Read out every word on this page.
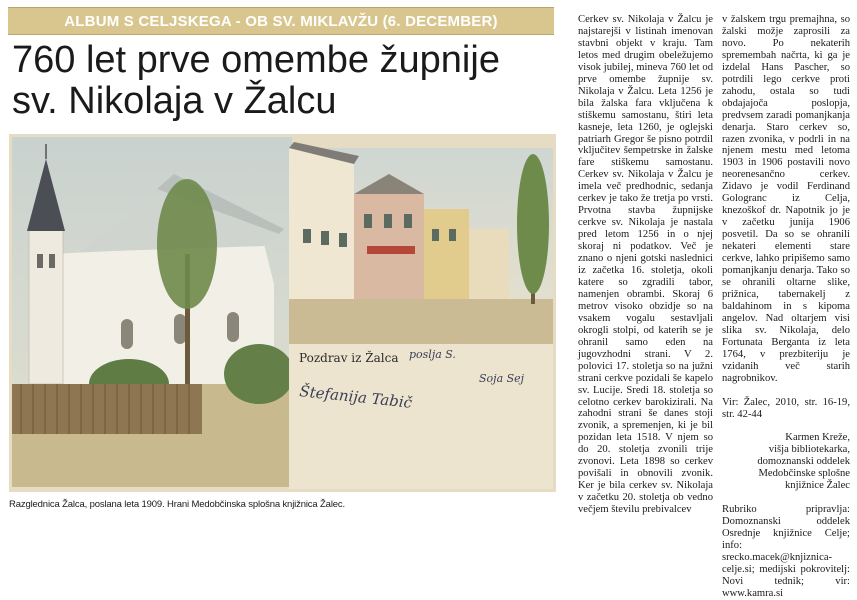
ALBUM S CELJSKEGA - OB SV. MIKLAVŽU (6. DECEMBER)
760 let prve omembe župnije
sv. Nikolaja v Žalcu
Pozdrav iz Žalca poslja S.
Soja Sej
Štefanija Tabič
Razglednica Žalca, poslana leta 1909. Hrani Medobčinska splošna knjižnica Žalec.

Cerkev sv. Nikolaja v Žalcu je najstarejši v listinah imenovan stavbni objekt v kraju. Tam letos med drugim obeležujemo visok jubilej, mineva 760 let od prve omembe župnije sv. Nikolaja v Žalcu. Leta 1256 je bila žalska fara vključena k stiškemu samostanu, štiri leta kasneje, leta 1260, je oglejski patriarh Gregor še pisno potrdil vključitev šempetrske in žalske fare stiškemu samostanu. Cerkev sv. Nikolaja v Žalcu je imela več predhodnic, sedanja cerkev je tako že tretja po vrsti. Prvotna stavba župnijske cerkve sv. Nikolaja je nastala pred letom 1256 in o njej skoraj ni podatkov. Več je znano o njeni gotski naslednici iz začetka 16. stoletja, okoli katere so zgradili tabor, namenjen obrambi. Skoraj 6 metrov visoko obzidje so na vsakem vogalu sestavljali okrogli stolpi, od katerih se je ohranil samo eden na jugovzhodni strani. V 2. polovici 17. stoletja so na južni strani cerkve pozidali še kapelo sv. Lucije. Sredi 18. stoletja so celotno cerkev barokizirali. Na zahodni strani še danes stoji zvonik, a spremenjen, ki je bil pozidan leta 1518. V njem so do 20. stoletja zvonili trije zvonovi. Leta 1898 so cerkev povišali in obnovili zvonik. Ker je bila cerkev sv. Nikolaja v začetku 20. stoletja ob vedno večjem številu prebivalcev

v žalskem trgu premajhna, so žalski možje zaprosili za novo. Po nekaterih spremembah načrta, ki ga je izdelal Hans Pascher, so potrdili lego cerkve proti zahodu, ostala so tudi obdajajoča poslopja, predvsem zaradi pomanjkanja denarja. Staro cerkev so, razen zvonika, v podrli in na njenem mestu med letoma 1903 in 1906 postavili novo neorenesančno cerkev. Zidavo je vodil Ferdinand Gologranc iz Celja, knezoškof dr. Napotnik jo je v začetku junija 1906 posvetil. Da so se ohranili nekateri elementi stare cerkve, lahko pripišemo samo pomanjkanju denarja. Tako so se ohranili oltarne slike, prižnica, tabernakelj z baldahinom in s kipoma angelov. Nad oltarjem visi slika sv. Nikolaja, delo Fortunata Berganta iz leta 1764, v prezbiteriju je vzidanih več starih nagrobnikov.

Vir: Žalec, 2010, str. 16-19, str. 42-44

Karmen Kreže,

višja bibliotekarka,

domoznanski oddelek

Medobčinske splošne

knjižnice Žalec

Rubriko pripravlja: Domoznanski oddelek Osrednje knjižnice Celje; info: srecko.macek@knjiznica-celje.si; medijski pokrovitelj: Novi tednik; vir: www.kamra.si
